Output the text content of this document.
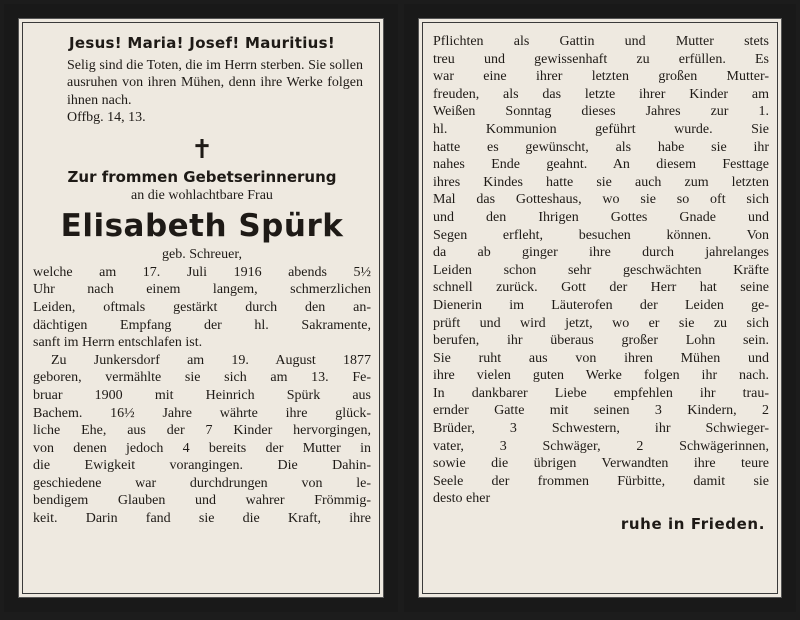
Jesus! Maria! Josef! Mauritius!
Selig sind die Toten, die im Herrn sterben. Sie sollen ausruhen von ihren Mühen, denn ihre Werke folgen ihnen nach.
Offbg. 14, 13.
✝
Zur frommen Gebetserinnerung
an die wohlachtbare Frau
Elisabeth Spürk
geb. Schreuer,
welche am 17. Juli 1916 abends 5½
Uhr nach einem langem, schmerzlichen
Leiden, oftmals gestärkt durch den an-
dächtigen Empfang der hl. Sakramente,
sanft im Herrn entschlafen ist.
Zu Junkersdorf am 19. August 1877
geboren, vermählte sie sich am 13. Fe-
bruar 1900 mit Heinrich Spürk aus
Bachem. 16½ Jahre währte ihre glück-
liche Ehe, aus der 7 Kinder hervorgingen,
von denen jedoch 4 bereits der Mutter in
die Ewigkeit vorangingen. Die Dahin-
geschiedene war durchdrungen von le-
bendigem Glauben und wahrer Frömmig-
keit. Darin fand sie die Kraft, ihre
Pflichten als Gattin und Mutter stets
treu und gewissenhaft zu erfüllen. Es
war eine ihrer letzten großen Mutter-
freuden, als das letzte ihrer Kinder am
Weißen Sonntag dieses Jahres zur 1.
hl. Kommunion geführt wurde. Sie
hatte es gewünscht, als habe sie ihr
nahes Ende geahnt. An diesem Festtage
ihres Kindes hatte sie auch zum letzten
Mal das Gotteshaus, wo sie so oft sich
und den Ihrigen Gottes Gnade und
Segen erfleht, besuchen können. Von
da ab ginger ihre durch jahrelanges
Leiden schon sehr geschwächten Kräfte
schnell zurück. Gott der Herr hat seine
Dienerin im Läuterofen der Leiden ge-
prüft und wird jetzt, wo er sie zu sich
berufen, ihr überaus großer Lohn sein.
Sie ruht aus von ihren Mühen und
ihre vielen guten Werke folgen ihr nach.
In dankbarer Liebe empfehlen ihr trau-
ernder Gatte mit seinen 3 Kindern, 2
Brüder, 3 Schwestern, ihr Schwieger-
vater, 3 Schwäger, 2 Schwägerinnen,
sowie die übrigen Verwandten ihre teure
Seele der frommen Fürbitte, damit sie
desto eher
ruhe in Frieden.
